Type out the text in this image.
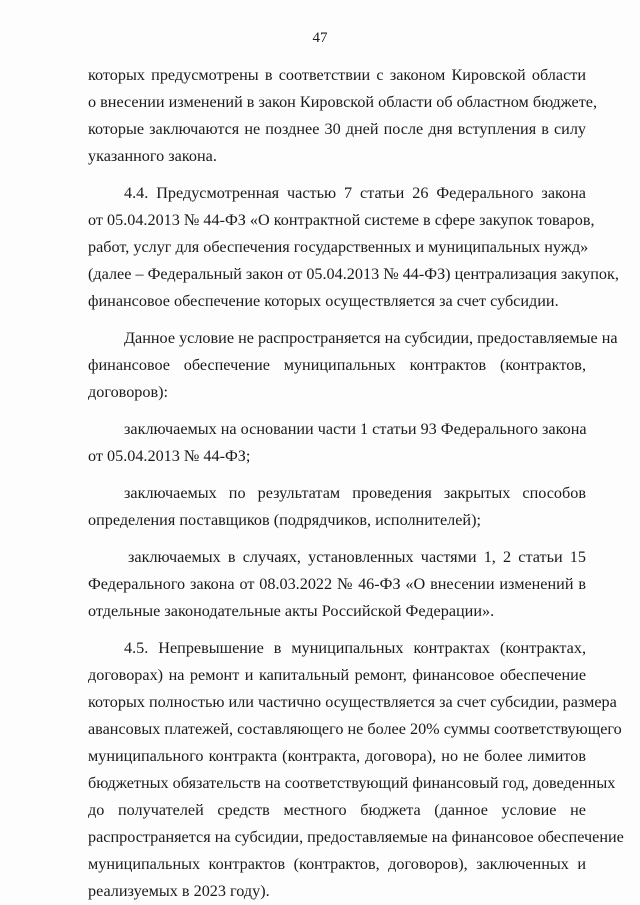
47
которых предусмотрены в соответствии с законом Кировской области
о внесении изменений в закон Кировской области об областном бюджете,
которые заключаются не позднее 30 дней после дня вступления в силу
указанного закона.
4.4. Предусмотренная частью 7 статьи 26 Федерального закона
от 05.04.2013 № 44-ФЗ «О контрактной системе в сфере закупок товаров,
работ, услуг для обеспечения государственных и муниципальных нужд»
(далее – Федеральный закон от 05.04.2013 № 44-ФЗ) централизация закупок,
финансовое обеспечение которых осуществляется за счет субсидии.
Данное условие не распространяется на субсидии, предоставляемые на
финансовое обеспечение муниципальных контрактов (контрактов,
договоров):
заключаемых на основании части 1 статьи 93 Федерального закона
от 05.04.2013 № 44-ФЗ;
заключаемых по результатам проведения закрытых способов
определения поставщиков (подрядчиков, исполнителей);
заключаемых в случаях, установленных частями 1, 2 статьи 15
Федерального закона от 08.03.2022 № 46-ФЗ «О внесении изменений в
отдельные законодательные акты Российской Федерации».
4.5. Непревышение в муниципальных контрактах (контрактах,
договорах) на ремонт и капитальный ремонт, финансовое обеспечение
которых полностью или частично осуществляется за счет субсидии, размера
авансовых платежей, составляющего не более 20% суммы соответствующего
муниципального контракта (контракта, договора), но не более лимитов
бюджетных обязательств на соответствующий финансовый год, доведенных
до получателей средств местного бюджета (данное условие не
распространяется на субсидии, предоставляемые на финансовое обеспечение
муниципальных контрактов (контрактов, договоров), заключенных и
реализуемых в 2023 году).
